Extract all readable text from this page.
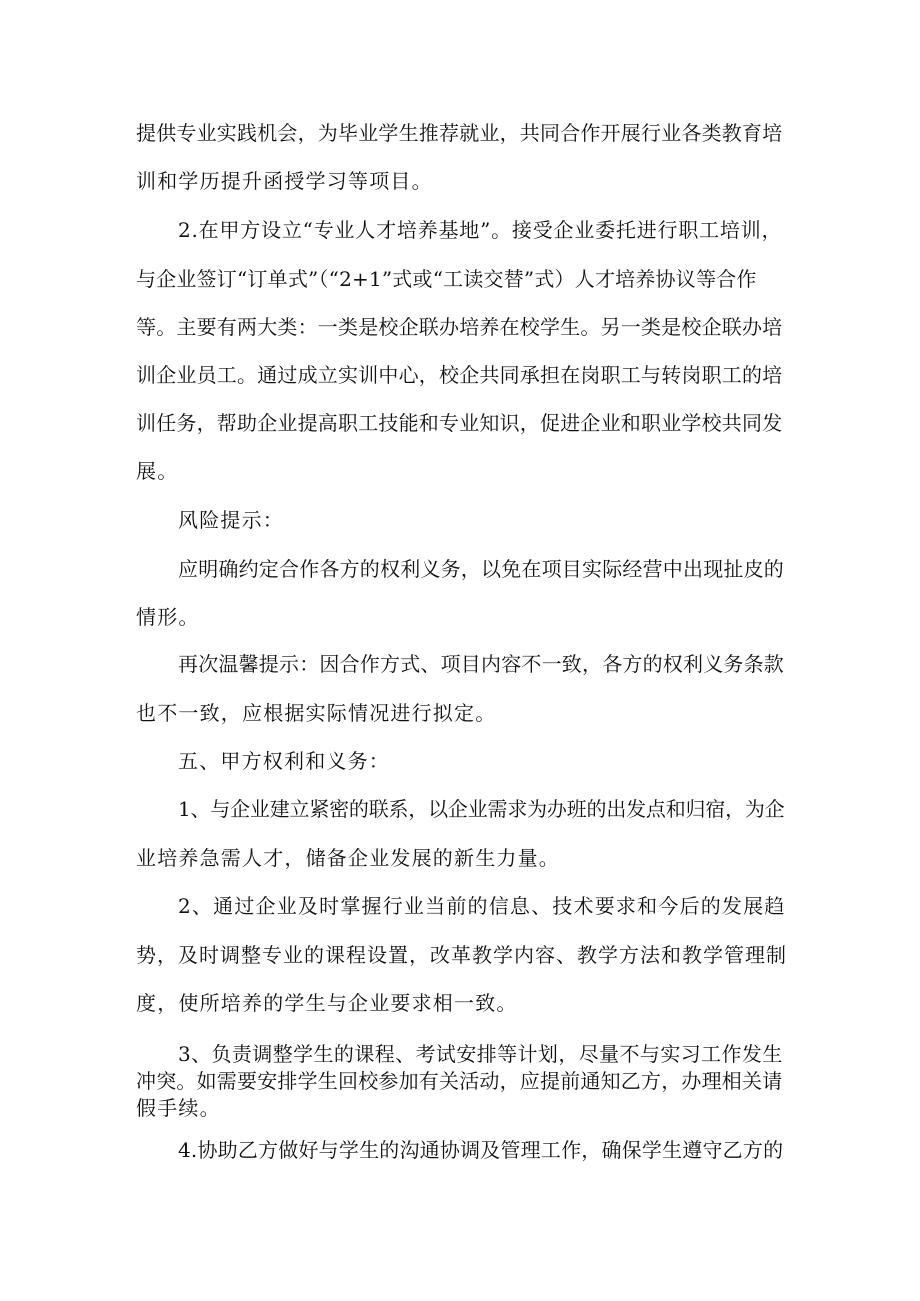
提供专业实践机会，为毕业学生推荐就业，共同合作开展行业各类教育培
训和学历提升函授学习等项目。
2.在甲方设立“专业人才培养基地”。接受企业委托进行职工培训，
与企业签订“订单式”（“2+1”式或“工读交替”式）人才培养协议等合作
等。主要有两大类：一类是校企联办培养在校学生。另一类是校企联办培
训企业员工。通过成立实训中心，校企共同承担在岗职工与转岗职工的培
训任务，帮助企业提高职工技能和专业知识，促进企业和职业学校共同发
展。
风险提示：
应明确约定合作各方的权利义务，以免在项目实际经营中出现扯皮的
情形。
再次温馨提示：因合作方式、项目内容不一致，各方的权利义务条款
也不一致，应根据实际情况进行拟定。
五、甲方权利和义务：
1、与企业建立紧密的联系，以企业需求为办班的出发点和归宿，为企
业培养急需人才，储备企业发展的新生力量。
2、通过企业及时掌握行业当前的信息、技术要求和今后的发展趋
势，及时调整专业的课程设置，改革教学内容、教学方法和教学管理制
度，使所培养的学生与企业要求相一致。
3、负责调整学生的课程、考试安排等计划，尽量不与实习工作发生
冲突。如需要安排学生回校参加有关活动，应提前通知乙方，办理相关请
假手续。
4.协助乙方做好与学生的沟通协调及管理工作，确保学生遵守乙方的
